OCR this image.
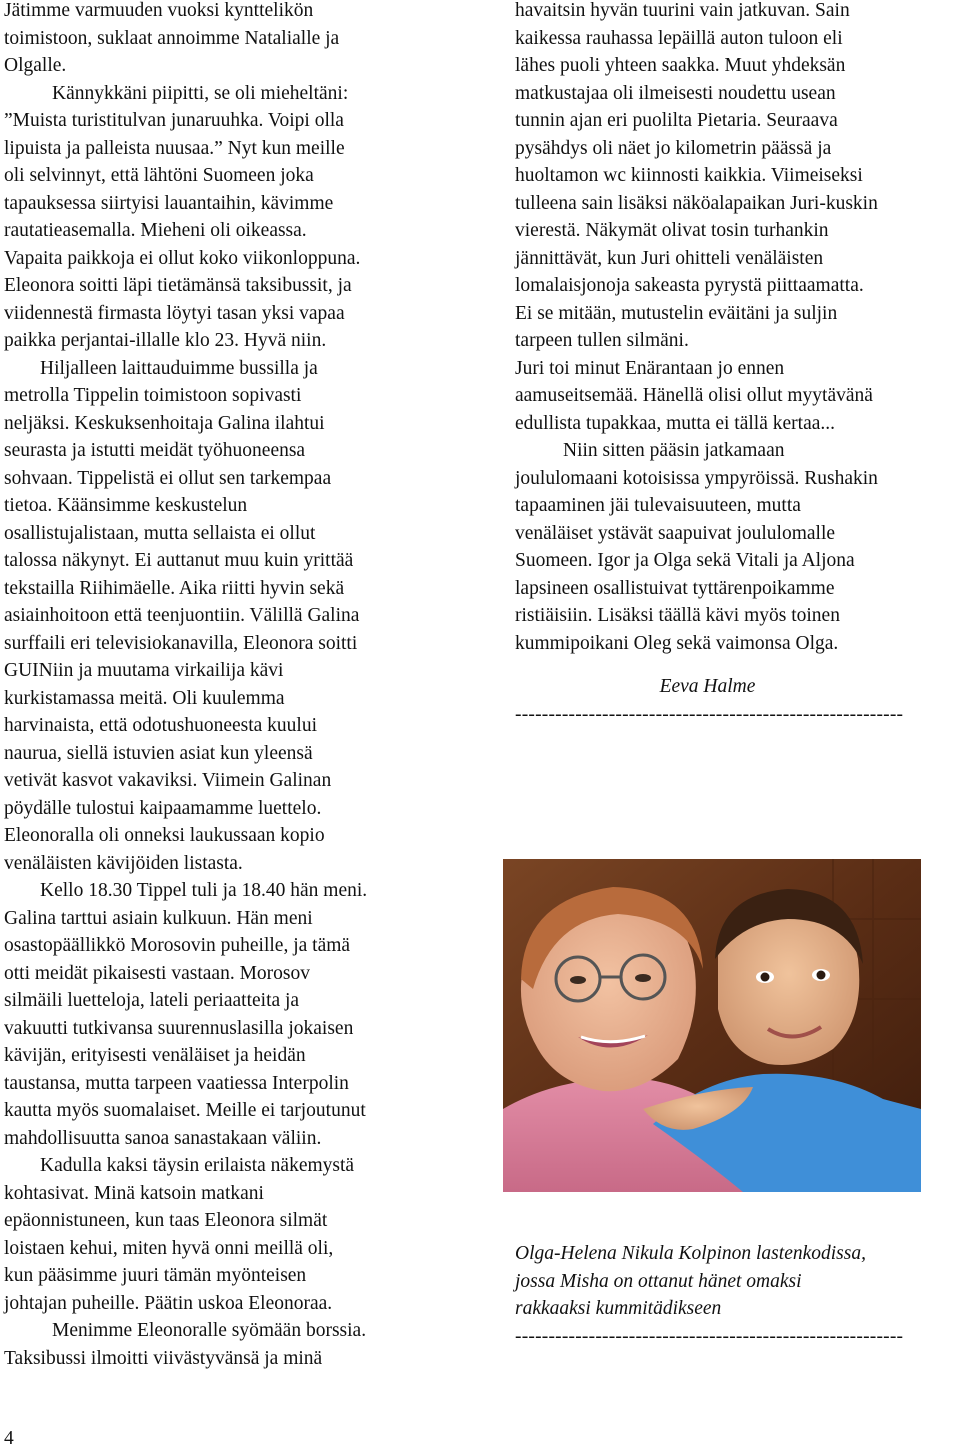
Jätimme varmuuden vuoksi kynttelikön
toimistoon, suklaat annoimme Natalialle ja
Olgalle.
Kännykkäni piipitti, se oli mieheltäni:
”Muista turistitulvan junaruuhka. Voipi olla
lipuista ja palleista nuusaa.” Nyt kun meille
oli selvinnyt, että lähtöni Suomeen joka
tapauksessa siirtyisi lauantaihin, kävimme
rautatieasemalla. Mieheni oli oikeassa.
Vapaita paikkoja ei ollut koko viikonloppuna.
Eleonora soitti läpi tietämänsä taksibussit, ja
viidennestä firmasta löytyi tasan yksi vapaa
paikka perjantai-illalle klo 23. Hyvä niin.
Hiljalleen laittauduimme bussilla ja
metrolla Tippelin toimistoon sopivasti
neljäksi. Keskuksenhoitaja Galina ilahtui
seurasta ja istutti meidät työhuoneensa
sohvaan. Tippelistä ei ollut sen tarkempaa
tietoa. Käänsimme keskustelun
osallistujalistaan, mutta sellaista ei ollut
talossa näkynyt. Ei auttanut muu kuin yrittää
tekstailla Riihimäelle. Aika riitti hyvin sekä
asiainhoitoon että teenjuontiin. Välillä Galina
surffaili eri televisiokanavilla, Eleonora soitti
GUINiin ja muutama virkailija kävi
kurkistamassa meitä. Oli kuulemma
harvinaista, että odotushuoneesta kuului
naurua, siellä istuvien asiat kun yleensä
vetivät kasvot vakaviksi. Viimein Galinan
pöydälle tulostui kaipaamamme luettelo.
Eleonoralla oli onneksi laukussaan kopio
venäläisten kävijöiden listasta.
Kello 18.30 Tippel tuli ja 18.40 hän meni.
Galina tarttui asiain kulkuun. Hän meni
osastopäällikkö Morosovin puheille, ja tämä
otti meidät pikaisesti vastaan. Morosov
silmäili luetteloja, lateli periaatteita ja
vakuutti tutkivansa suurennuslasilla jokaisen
kävijän, erityisesti venäläiset ja heidän
taustansa, mutta tarpeen vaatiessa Interpolin
kautta myös suomalaiset. Meille ei tarjoutunut
mahdollisuutta sanoa sanastakaan väliin.
Kadulla kaksi täysin erilaista näkemystä
kohtasivat. Minä katsoin matkani
epäonnistuneen, kun taas Eleonora silmät
loistaen kehui, miten hyvä onni meillä oli,
kun pääsimme juuri tämän myönteisen
johtajan puheille. Päätin uskoa Eleonoraa.
Menimme Eleonoralle syömään borssia.
Taksibussi ilmoitti viivästyvänsä ja minä
havaitsin hyvän tuurini vain jatkuvan. Sain
kaikessa rauhassa lepäillä auton tuloon eli
lähes puoli yhteen saakka. Muut yhdeksän
matkustajaa oli ilmeisesti noudettu usean
tunnin ajan eri puolilta Pietaria. Seuraava
pysähdys oli näet jo kilometrin päässä ja
huoltamon wc kiinnosti kaikkia. Viimeiseksi
tulleena sain lisäksi näköalapaikan Juri-kuskin
vierestä. Näkymät olivat tosin turhankin
jännittävät, kun Juri ohitteli venäläisten
lomalaisjonoja sakeasta pyrystä piittaamatta.
Ei se mitään, mutustelin eväitäni ja suljin
tarpeen tullen silmäni.
Juri toi minut Enärantaan jo ennen
aamuseitsemää. Hänellä olisi ollut myytävänä
edullista tupakkaa, mutta ei tällä kertaa...
Niin sitten pääsin jatkamaan
joululomaani kotoisissa ympyröissä. Rushakin
tapaaminen jäi tulevaisuuteen, mutta
venäläiset ystävät saapuivat joululomalle
Suomeen. Igor ja Olga sekä Vitali ja Aljona
lapsineen osallistuivat tyttärenpoikamme
ristiäisiin. Lisäksi täällä kävi myös toinen
kummipoikani Oleg sekä vaimonsa Olga.
Eeva Halme
----------------------------------------------------------
Olga-Helena Nikula Kolpinon lastenkodissa,
jossa Misha on ottanut hänet omaksi
rakkaaksi kummitädikseen
----------------------------------------------------------
4
